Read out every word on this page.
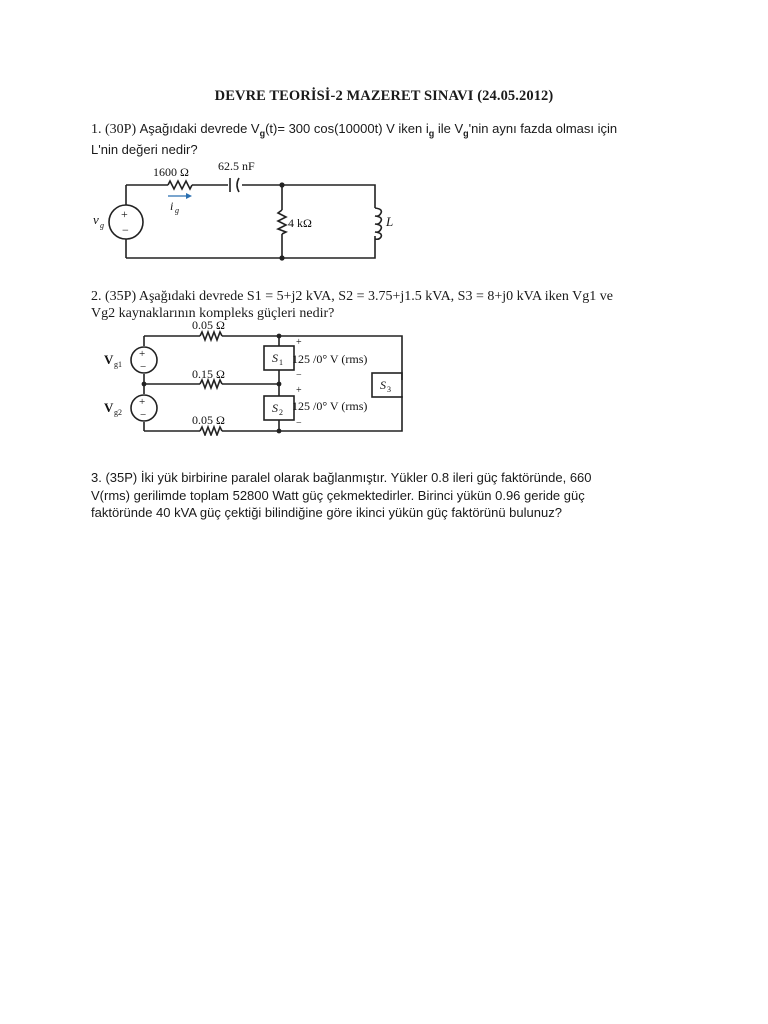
DEVRE TEORİSİ-2 MAZERET SINAVI (24.05.2012)
1. (30P) Aşağıdaki devrede $V_g(t)= 300$ cos(10000t) V iken $i_g$ ile $V_g'nin$ aynı fazda olması için
L'nin değeri nedir?
+
−
1600 Ω 62.5 nF
4 kΩ	L
v g
i g
2. (35P) Aşağıdaki devrede S1 = 5+j2 kVA, S2 = 3.75+j1.5 kVA, S3 = 8+j0 kVA iken Vg1 ve
Vg2 kaynaklarının kompleks güçleri nedir?
+
−
+
−
S 1
S 2
S 3
+
125 /0° V (rms)
−
+
125 /0° V (rms)
−
0.05 Ω
0.15 Ω
0.05 Ω
V g1
V g2
3. (35P) İki yük birbirine paralel olarak bağlanmıştır. Yükler 0.8 ileri güç faktöründe, 660
V(rms) gerilimde toplam 52800 Watt güç çekmektedirler. Birinci yükün 0.96 geride güç
faktöründe 40 kVA güç çektiği bilindiğine göre ikinci yükün güç faktörünü bulunuz?
